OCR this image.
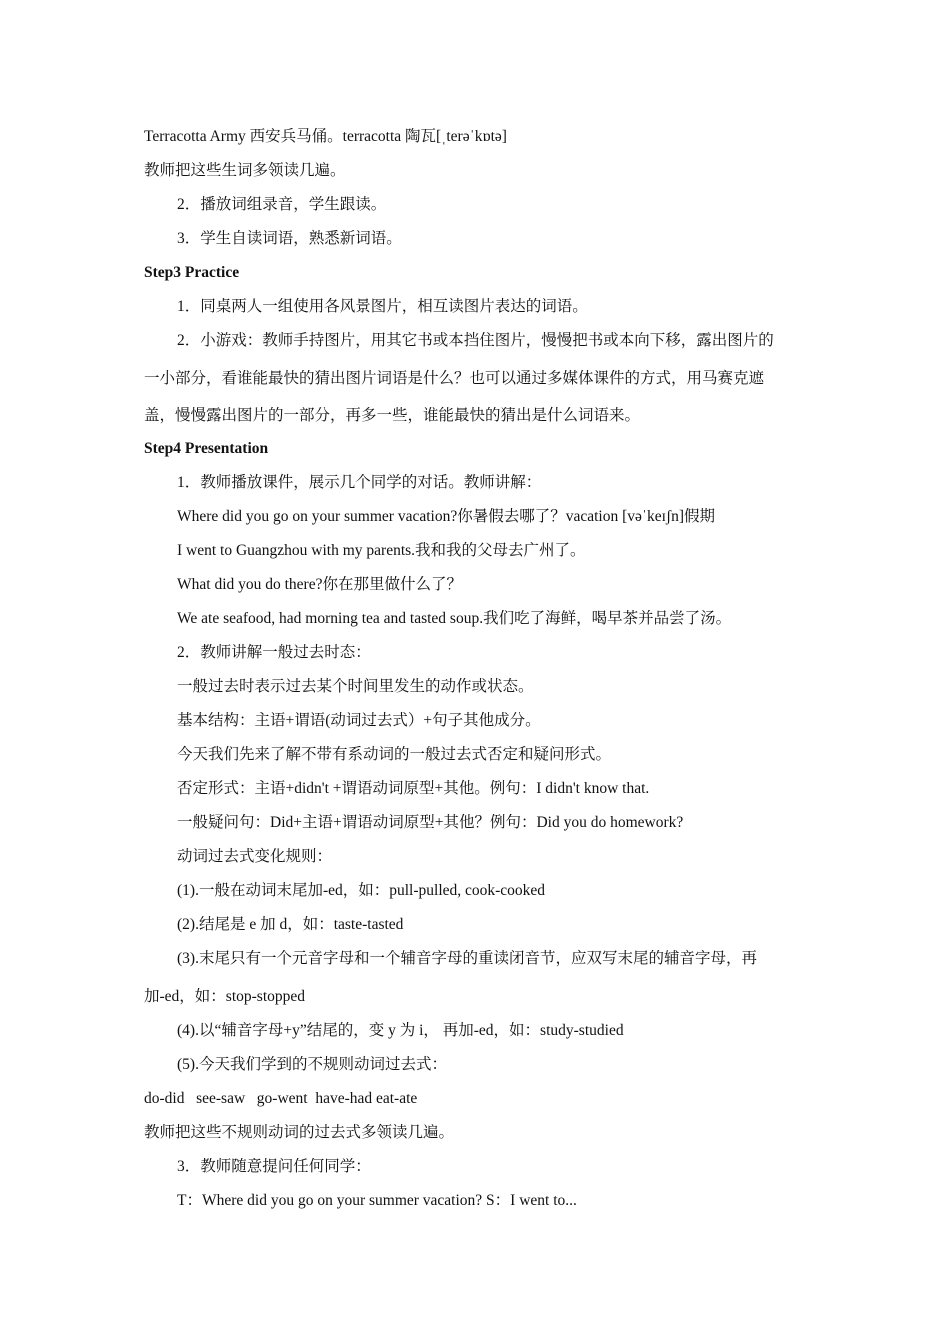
Terracotta Army 西安兵马俑。terracotta 陶瓦[ˌterəˈkɒtə]
教师把这些生词多领读几遍。
2．播放词组录音，学生跟读。
3．学生自读词语，熟悉新词语。
Step3 Practice
1．同桌两人一组使用各风景图片，相互读图片表达的词语。
2．小游戏：教师手持图片，用其它书或本挡住图片，慢慢把书或本向下移，露出图片的
一小部分，看谁能最快的猜出图片词语是什么？也可以通过多媒体课件的方式，用马赛克遮
盖，慢慢露出图片的一部分，再多一些，谁能最快的猜出是什么词语来。
Step4 Presentation
1．教师播放课件，展示几个同学的对话。教师讲解：
Where did you go on your summer vacation?你暑假去哪了？vacation [vəˈkeɪʃn]假期
I went to Guangzhou with my parents.我和我的父母去广州了。
What did you do there?你在那里做什么了？
We ate seafood, had morning tea and tasted soup.我们吃了海鲜，喝早茶并品尝了汤。
2．教师讲解一般过去时态：
一般过去时表示过去某个时间里发生的动作或状态。
基本结构：主语+谓语(动词过去式）+句子其他成分。
今天我们先来了解不带有系动词的一般过去式否定和疑问形式。
否定形式：主语+didn't +谓语动词原型+其他。例句：I didn't know that.
一般疑问句：Did+主语+谓语动词原型+其他？例句：Did you do homework?
动词过去式变化规则：
(1).一般在动词末尾加-ed，如：pull-pulled, cook-cooked
(2).结尾是 e 加 d，如：taste-tasted
(3).末尾只有一个元音字母和一个辅音字母的重读闭音节，应双写末尾的辅音字母，再
加-ed，如：stop-stopped
(4).以“辅音字母+y”结尾的，变 y 为 i， 再加-ed，如：study-studied
(5).今天我们学到的不规则动词过去式：
do-did   see-saw   go-went  have-had eat-ate
教师把这些不规则动词的过去式多领读几遍。
3．教师随意提问任何同学：
T：Where did you go on your summer vacation? S：I went to...
